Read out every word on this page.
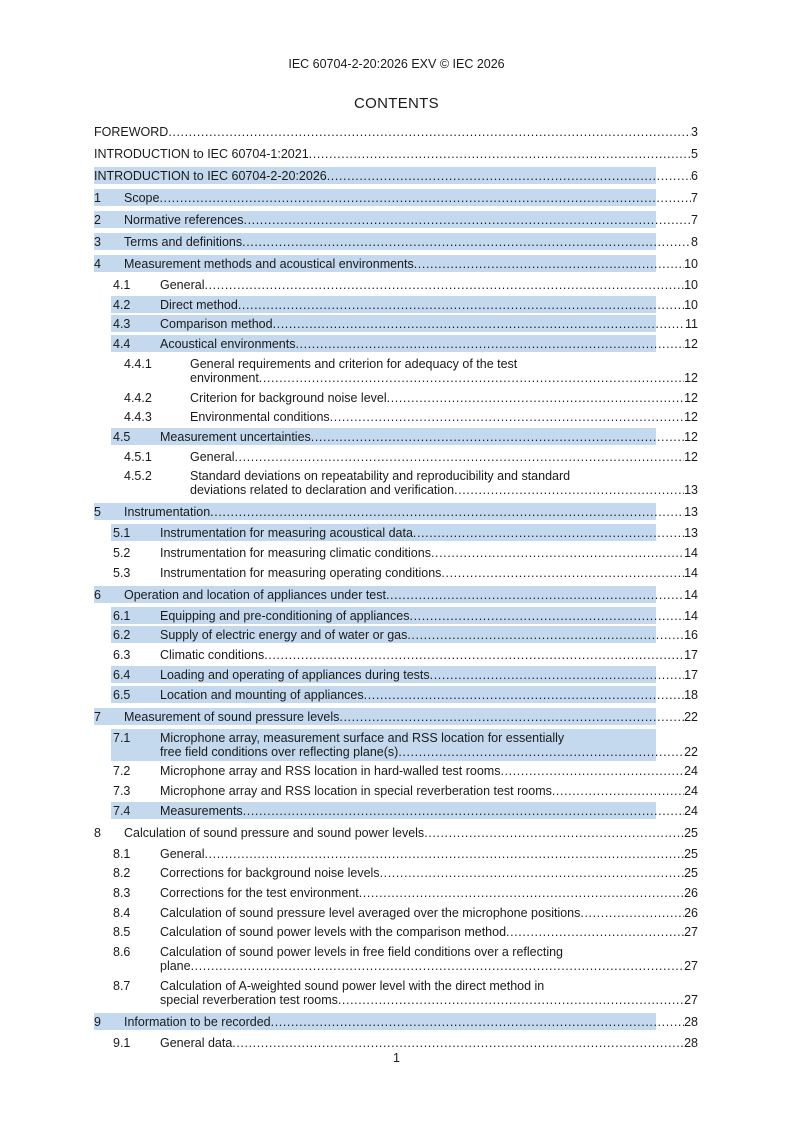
IEC 60704-2-20:2026 EXV © IEC 2026
CONTENTS
FOREWORD .....	3
INTRODUCTION to IEC 60704-1:2021 .....	5
INTRODUCTION to IEC 60704-2-20:2026 .....	6
1	Scope .....	7
2	Normative references .....	7
3	Terms and definitions .....	8
4	Measurement methods and acoustical environments .....	10
4.1	General .....	10
4.2	Direct method .....	10
4.3	Comparison method .....	11
4.4	Acoustical environments .....	12
4.4.1	General requirements and criterion for adequacy of the test
environment .....	12
4.4.2	Criterion for background noise level .....	12
4.4.3	Environmental conditions .....	12
4.5	Measurement uncertainties .....	12
4.5.1	General .....	12
4.5.2	Standard deviations on repeatability and reproducibility and standard
deviations related to declaration and verification .....	13
5	Instrumentation .....	13
5.1	Instrumentation for measuring acoustical data .....	13
5.2	Instrumentation for measuring climatic conditions .....	14
5.3	Instrumentation for measuring operating conditions .....	14
6	Operation and location of appliances under test .....	14
6.1	Equipping and pre-conditioning of appliances .....	14
6.2	Supply of electric energy and of water or gas .....	16
6.3	Climatic conditions .....	17
6.4	Loading and operating of appliances during tests .....	17
6.5	Location and mounting of appliances .....	18
7	Measurement of sound pressure levels .....	22
7.1	Microphone array, measurement surface and RSS location for essentially
free field conditions over reflecting plane(s) .....	22
7.2	Microphone array and RSS location in hard-walled test rooms .....	24
7.3	Microphone array and RSS location in special reverberation test rooms .....	24
7.4	Measurements .....	24
8	Calculation of sound pressure and sound power levels .....	25
8.1	General .....	25
8.2	Corrections for background noise levels .....	25
8.3	Corrections for the test environment .....	26
8.4	Calculation of sound pressure level averaged over the microphone positions .....	26
8.5	Calculation of sound power levels with the comparison method .....	27
8.6	Calculation of sound power levels in free field conditions over a reflecting
plane .....	27
8.7	Calculation of A-weighted sound power level with the direct method in
special reverberation test rooms .....	27
9	Information to be recorded .....	28
9.1	General data .....	28
1
